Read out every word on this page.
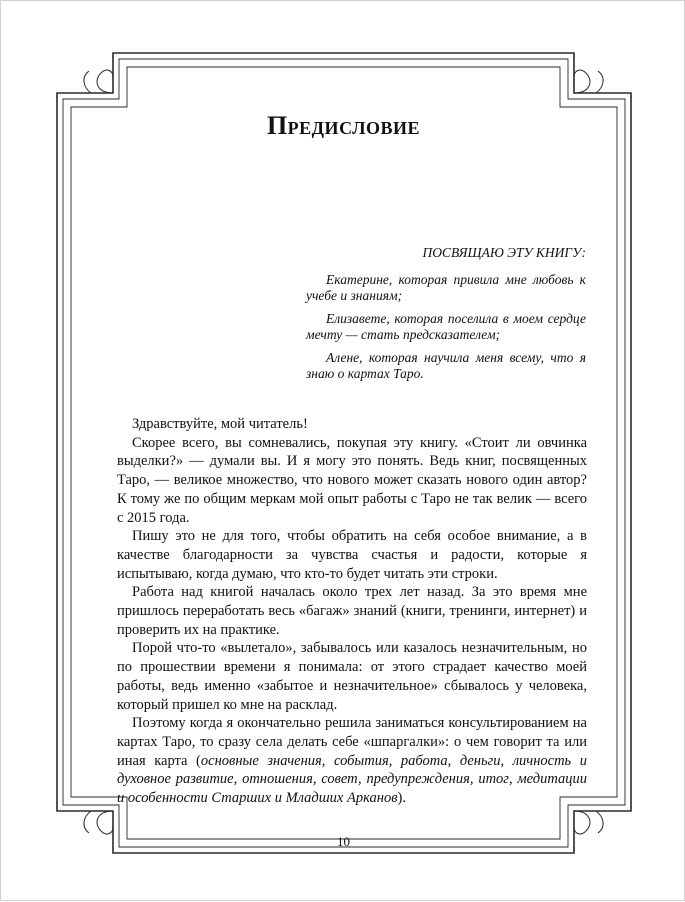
Предисловие
ПОСВЯЩАЮ ЭТУ КНИГУ:

Екатерине, которая привила мне любовь к учебе и знаниям;

Елизавете, которая поселила в моем сердце мечту — стать предсказателем;

Алене, которая научила меня всему, что я знаю о картах Таро.

Здравствуйте, мой читатель!

Скорее всего, вы сомневались, покупая эту книгу. «Стоит ли овчинка выделки?» — думали вы. И я могу это понять. Ведь книг, посвященных Таро, — великое множество, что нового может сказать нового один автор? К тому же по общим меркам мой опыт работы с Таро не так велик — всего с 2015 года.

Пишу это не для того, чтобы обратить на себя особое внимание, а в качестве благодарности за чувства счастья и радости, которые я испытываю, когда думаю, что кто-то будет читать эти строки.

Работа над книгой началась около трех лет назад. За это время мне пришлось переработать весь «багаж» знаний (книги, тренинги, интернет) и проверить их на практике.

Порой что-то «вылетало», забывалось или казалось незначительным, но по прошествии времени я понимала: от этого страдает качество моей работы, ведь именно «забытое и незначительное» сбывалось у человека, который пришел ко мне на расклад.

Поэтому когда я окончательно решила заниматься консультированием на картах Таро, то сразу села делать себе «шпаргалки»: о чем говорит та или иная карта (основные значения, события, работа, деньги, личность и духовное развитие, отношения, совет, предупреждения, итог, медитации и особенности Старших и Младших Арканов).

10
